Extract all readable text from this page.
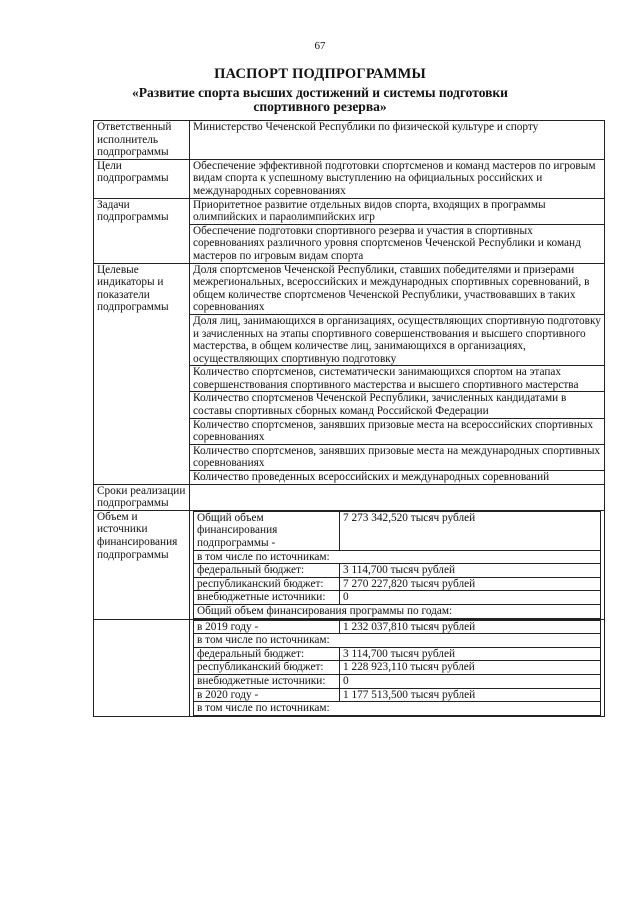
67
ПАСПОРТ ПОДПРОГРАММЫ
«Развитие спорта высших достижений и системы подготовки спортивного резерва»
Ответственный исполнитель подпрограммы	Министерство Чеченской Республики по физической культуре и спорту
Цели подпрограммы	Обеспечение эффективной подготовки спортсменов и команд мастеров по игровым видам спорта к успешному выступлению на официальных российских и международных соревнованиях
Задачи подпрограммы	Приоритетное развитие отдельных видов спорта, входящих в программы олимпийских и параолимпийских игр
Обеспечение подготовки спортивного резерва и участия в спортивных соревнованиях различного уровня спортсменов Чеченской Республики и команд мастеров по игровым видам спорта
Целевые индикаторы и показатели подпрограммы	Доля спортсменов Чеченской Республики, ставших победителями и призерами межрегиональных, всероссийских и международных спортивных соревнований, в общем количестве спортсменов Чеченской Республики, участвовавших в таких соревнованиях
Доля лиц, занимающихся в организациях, осуществляющих спортивную подготовку и зачисленных на этапы спортивного совершенствования и высшего спортивного мастерства, в общем количестве лиц, занимающихся в организациях, осуществляющих спортивную подготовку
Количество спортсменов, систематически занимающихся спортом на этапах совершенствования спортивного мастерства и высшего спортивного мастерства
Количество спортсменов Чеченской Республики, зачисленных кандидатами в составы спортивных сборных команд Российской Федерации
Количество спортсменов, занявших призовые места на всероссийских спортивных соревнованиях
Количество спортсменов, занявших призовые места на международных спортивных соревнованиях
Количество проведенных всероссийских и международных соревнований
Сроки реализации подпрограммы	
Объем и источники финансирования подпрограммы	
Общий объем финансирования подпрограммы -	7 273 342,520 тысяч рублей
в том числе по источникам:
федеральный бюджет:	3 114,700 тысяч рублей
республиканский бюджет:	7 270 227,820 тысяч рублей
внебюджетные источники:	0
Общий объем финансирования программы по годам:

в 2019 году -	1 232 037,810 тысяч рублей
в том числе по источникам:
федеральный бюджет:	3 114,700 тысяч рублей
республиканский бюджет:	1 228 923,110 тысяч рублей
внебюджетные источники:	0
в 2020 году -	1 177 513,500 тысяч рублей
в том числе по источникам:
